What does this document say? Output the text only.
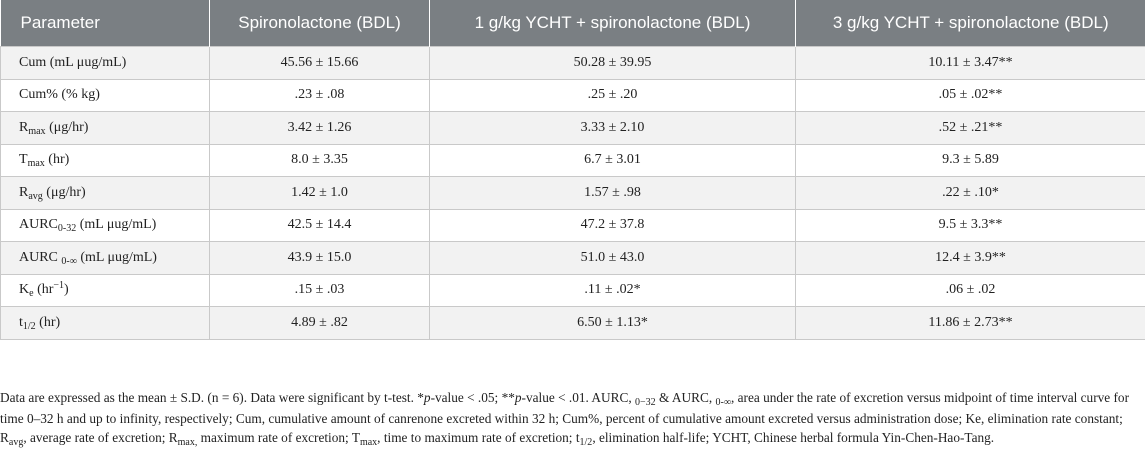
Parameter	Spironolactone (BDL)	1 g/kg YCHT + spironolactone (BDL)	3 g/kg YCHT + spironolactone (BDL)
Cum (mL μug/mL)	45.56 ± 15.66	50.28 ± 39.95	10.11 ± 3.47**
Cum% (% kg)	.23 ± .08	.25 ± .20	.05 ± .02**
$R_{max}$ (μg/hr)	3.42 ± 1.26	3.33 ± 2.10	.52 ± .21**
$T_{max}$ (hr)	8.0 ± 3.35	6.7 ± 3.01	9.3 ± 5.89
$R_{avg}$ (μg/hr)	1.42 ± 1.0	1.57 ± .98	.22 ± .10*
$AURC_{0-32}$ (mL μug/mL)	42.5 ± 14.4	47.2 ± 37.8	9.5 ± 3.3**
AURC $_{0-\infty}$ (mL μug/mL)	43.9 ± 15.0	51.0 ± 43.0	12.4 ± 3.9**
$K_e$ $(hr^{-1})$	.15 ± .03	.11 ± .02*	.06 ± .02
$t_{1/2}$ (hr)	4.89 ± .82	6.50 ± 1.13*	11.86 ± 2.73**
Data are expressed as the mean ± S.D. (n = 6). Data were significant by t-test. *p-value < .05; **p-value < .01. AURC, $_{0-32}$ & AURC, $_{0-\infty}$, area under the rate of excretion versus midpoint of time interval curve for time 0–32 h and up to infinity, respectively; Cum, cumulative amount of canrenone excreted within 32 h; Cum%, percent of cumulative amount excreted versus administration dose; Ke, elimination rate constant; $R_{avg}$, average rate of excretion; $R_{max,}$ maximum rate of excretion; $T_{max}$, time to maximum rate of excretion; $t_{1/2}$, elimination half-life; YCHT, Chinese herbal formula Yin-Chen-Hao-Tang.
